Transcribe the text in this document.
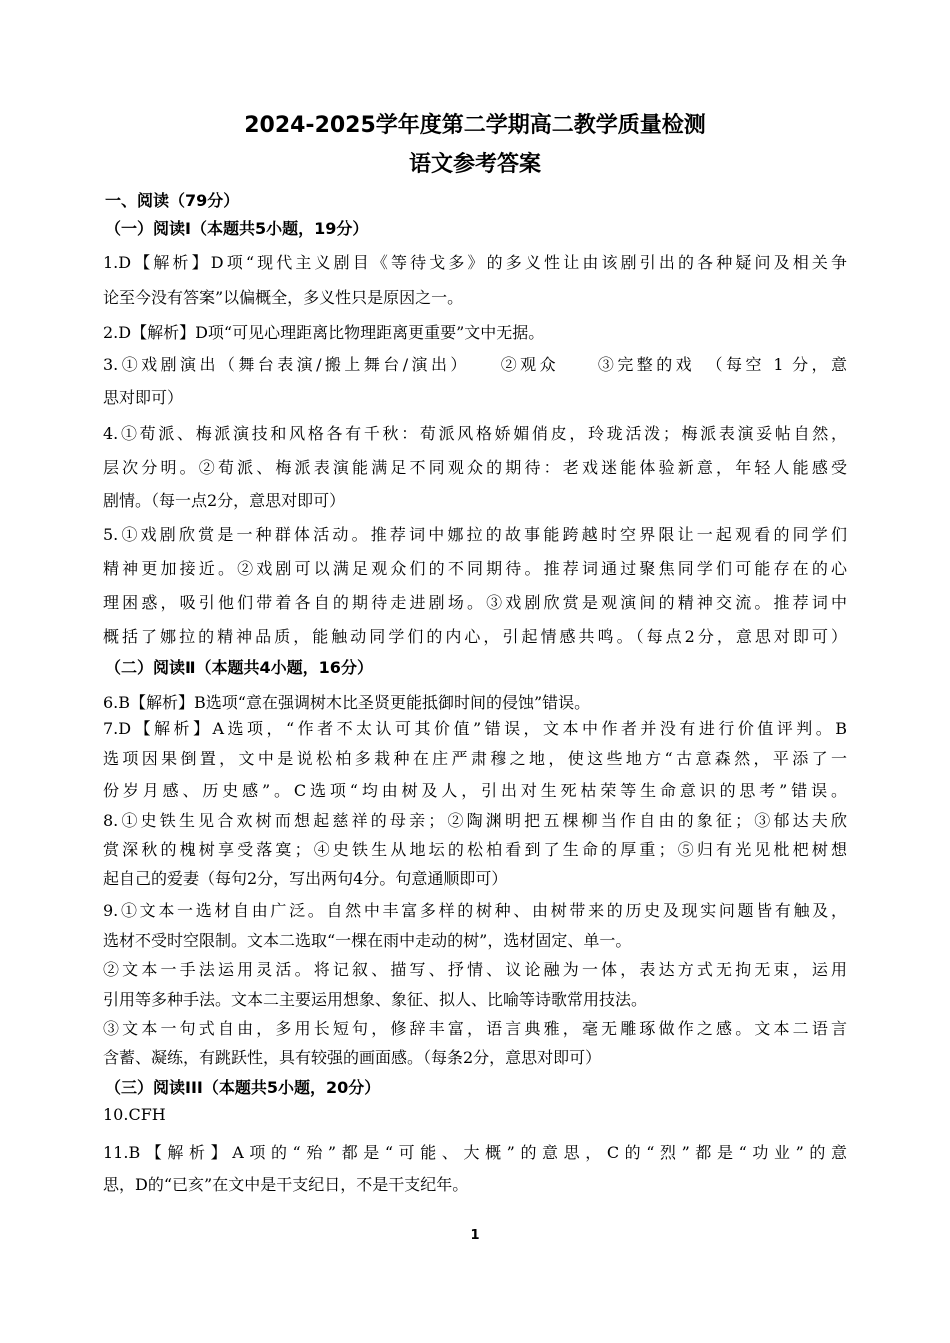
2024-2025学年度第二学期高二教学质量检测
语文参考答案
一、阅读（79分）
（一）阅读Ⅰ（本题共5小题，19分）
1.D【解析】D项“现代主义剧目《等待戈多》的多义性让由该剧引出的各种疑问及相关争
论至今没有答案”以偏概全，多义性只是原因之一。
2.D【解析】D项“可见心理距离比物理距离更重要”文中无据。
3.①戏剧演出（舞台表演/搬上舞台/演出）　　②观众　　③完整的戏　（每空 1 分，意
思对即可）
4.①荀派、梅派演技和风格各有千秋：荀派风格娇媚俏皮，玲珑活泼；梅派表演妥帖自然，
层次分明。②荀派、梅派表演能满足不同观众的期待：老戏迷能体验新意，年轻人能感受
剧情。（每一点2分，意思对即可）
5.①戏剧欣赏是一种群体活动。推荐词中娜拉的故事能跨越时空界限让一起观看的同学们
精神更加接近。②戏剧可以满足观众们的不同期待。推荐词通过聚焦同学们可能存在的心
理困惑，吸引他们带着各自的期待走进剧场。③戏剧欣赏是观演间的精神交流。推荐词中
概括了娜拉的精神品质，能触动同学们的内心，引起情感共鸣。（每点2分，意思对即可）
（二）阅读Ⅱ（本题共4小题，16分）
6.B【解析】B选项“意在强调树木比圣贤更能抵御时间的侵蚀”错误。
7.D【解析】A选项，“作者不太认可其价值”错误，文本中作者并没有进行价值评判。B
选项因果倒置，文中是说松柏多栽种在庄严肃穆之地，使这些地方“古意森然，平添了一
份岁月感、历史感”。C选项“均由树及人，引出对生死枯荣等生命意识的思考”错误。
8.①史铁生见合欢树而想起慈祥的母亲；②陶渊明把五棵柳当作自由的象征；③郁达夫欣
赏深秋的槐树享受落寞；④史铁生从地坛的松柏看到了生命的厚重；⑤归有光见枇杷树想
起自己的爱妻（每句2分，写出两句4分。句意通顺即可）
9.①文本一选材自由广泛。自然中丰富多样的树种、由树带来的历史及现实问题皆有触及，
选材不受时空限制。文本二选取“一棵在雨中走动的树”，选材固定、单一。
②文本一手法运用灵活。将记叙、描写、抒情、议论融为一体，表达方式无拘无束，运用
引用等多种手法。文本二主要运用想象、象征、拟人、比喻等诗歌常用技法。
③文本一句式自由，多用长短句，修辞丰富，语言典雅，毫无雕琢做作之感。文本二语言
含蓄、凝练，有跳跃性，具有较强的画面感。（每条2分，意思对即可）
（三）阅读III（本题共5小题，20分）
10.CFH
11.B【解析】A项的“殆”都是“可能、大概”的意思，C的“烈”都是“功业”的意
思，D的“已亥”在文中是干支纪日，不是干支纪年。
1
